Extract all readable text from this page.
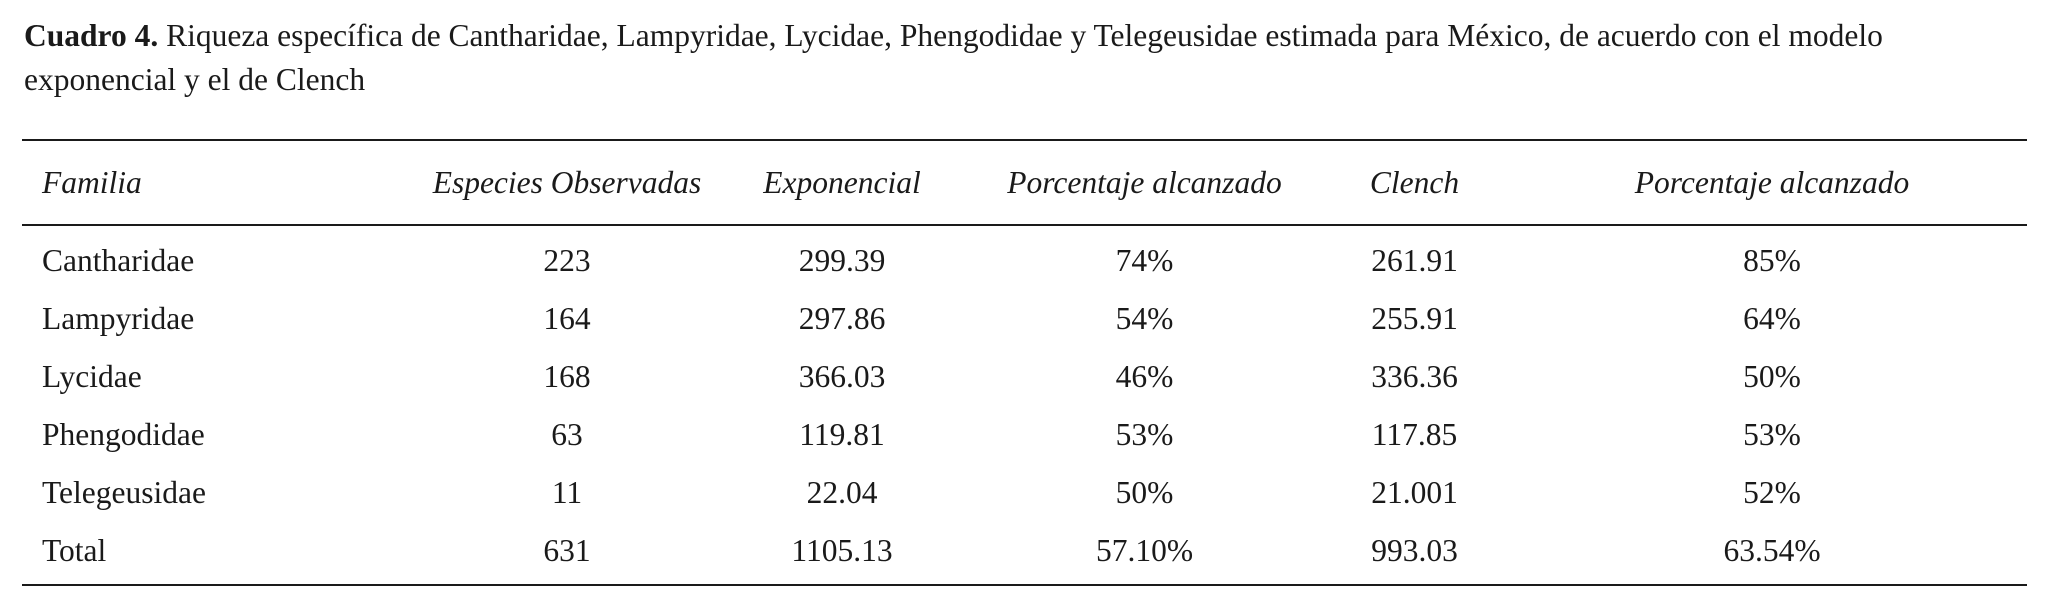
Cuadro 4. Riqueza específica de Cantharidae, Lampyridae, Lycidae, Phengodidae y Telegeusidae estimada para México, de acuerdo con el modelo exponencial y el de Clench
Familia	Especies Observadas	Exponencial	Porcentaje alcanzado	Clench	Porcentaje alcanzado
Cantharidae	223	299.39	74%	261.91	85%
Lampyridae	164	297.86	54%	255.91	64%
Lycidae	168	366.03	46%	336.36	50%
Phengodidae	63	119.81	53%	117.85	53%
Telegeusidae	11	22.04	50%	21.001	52%
Total	631	1105.13	57.10%	993.03	63.54%
